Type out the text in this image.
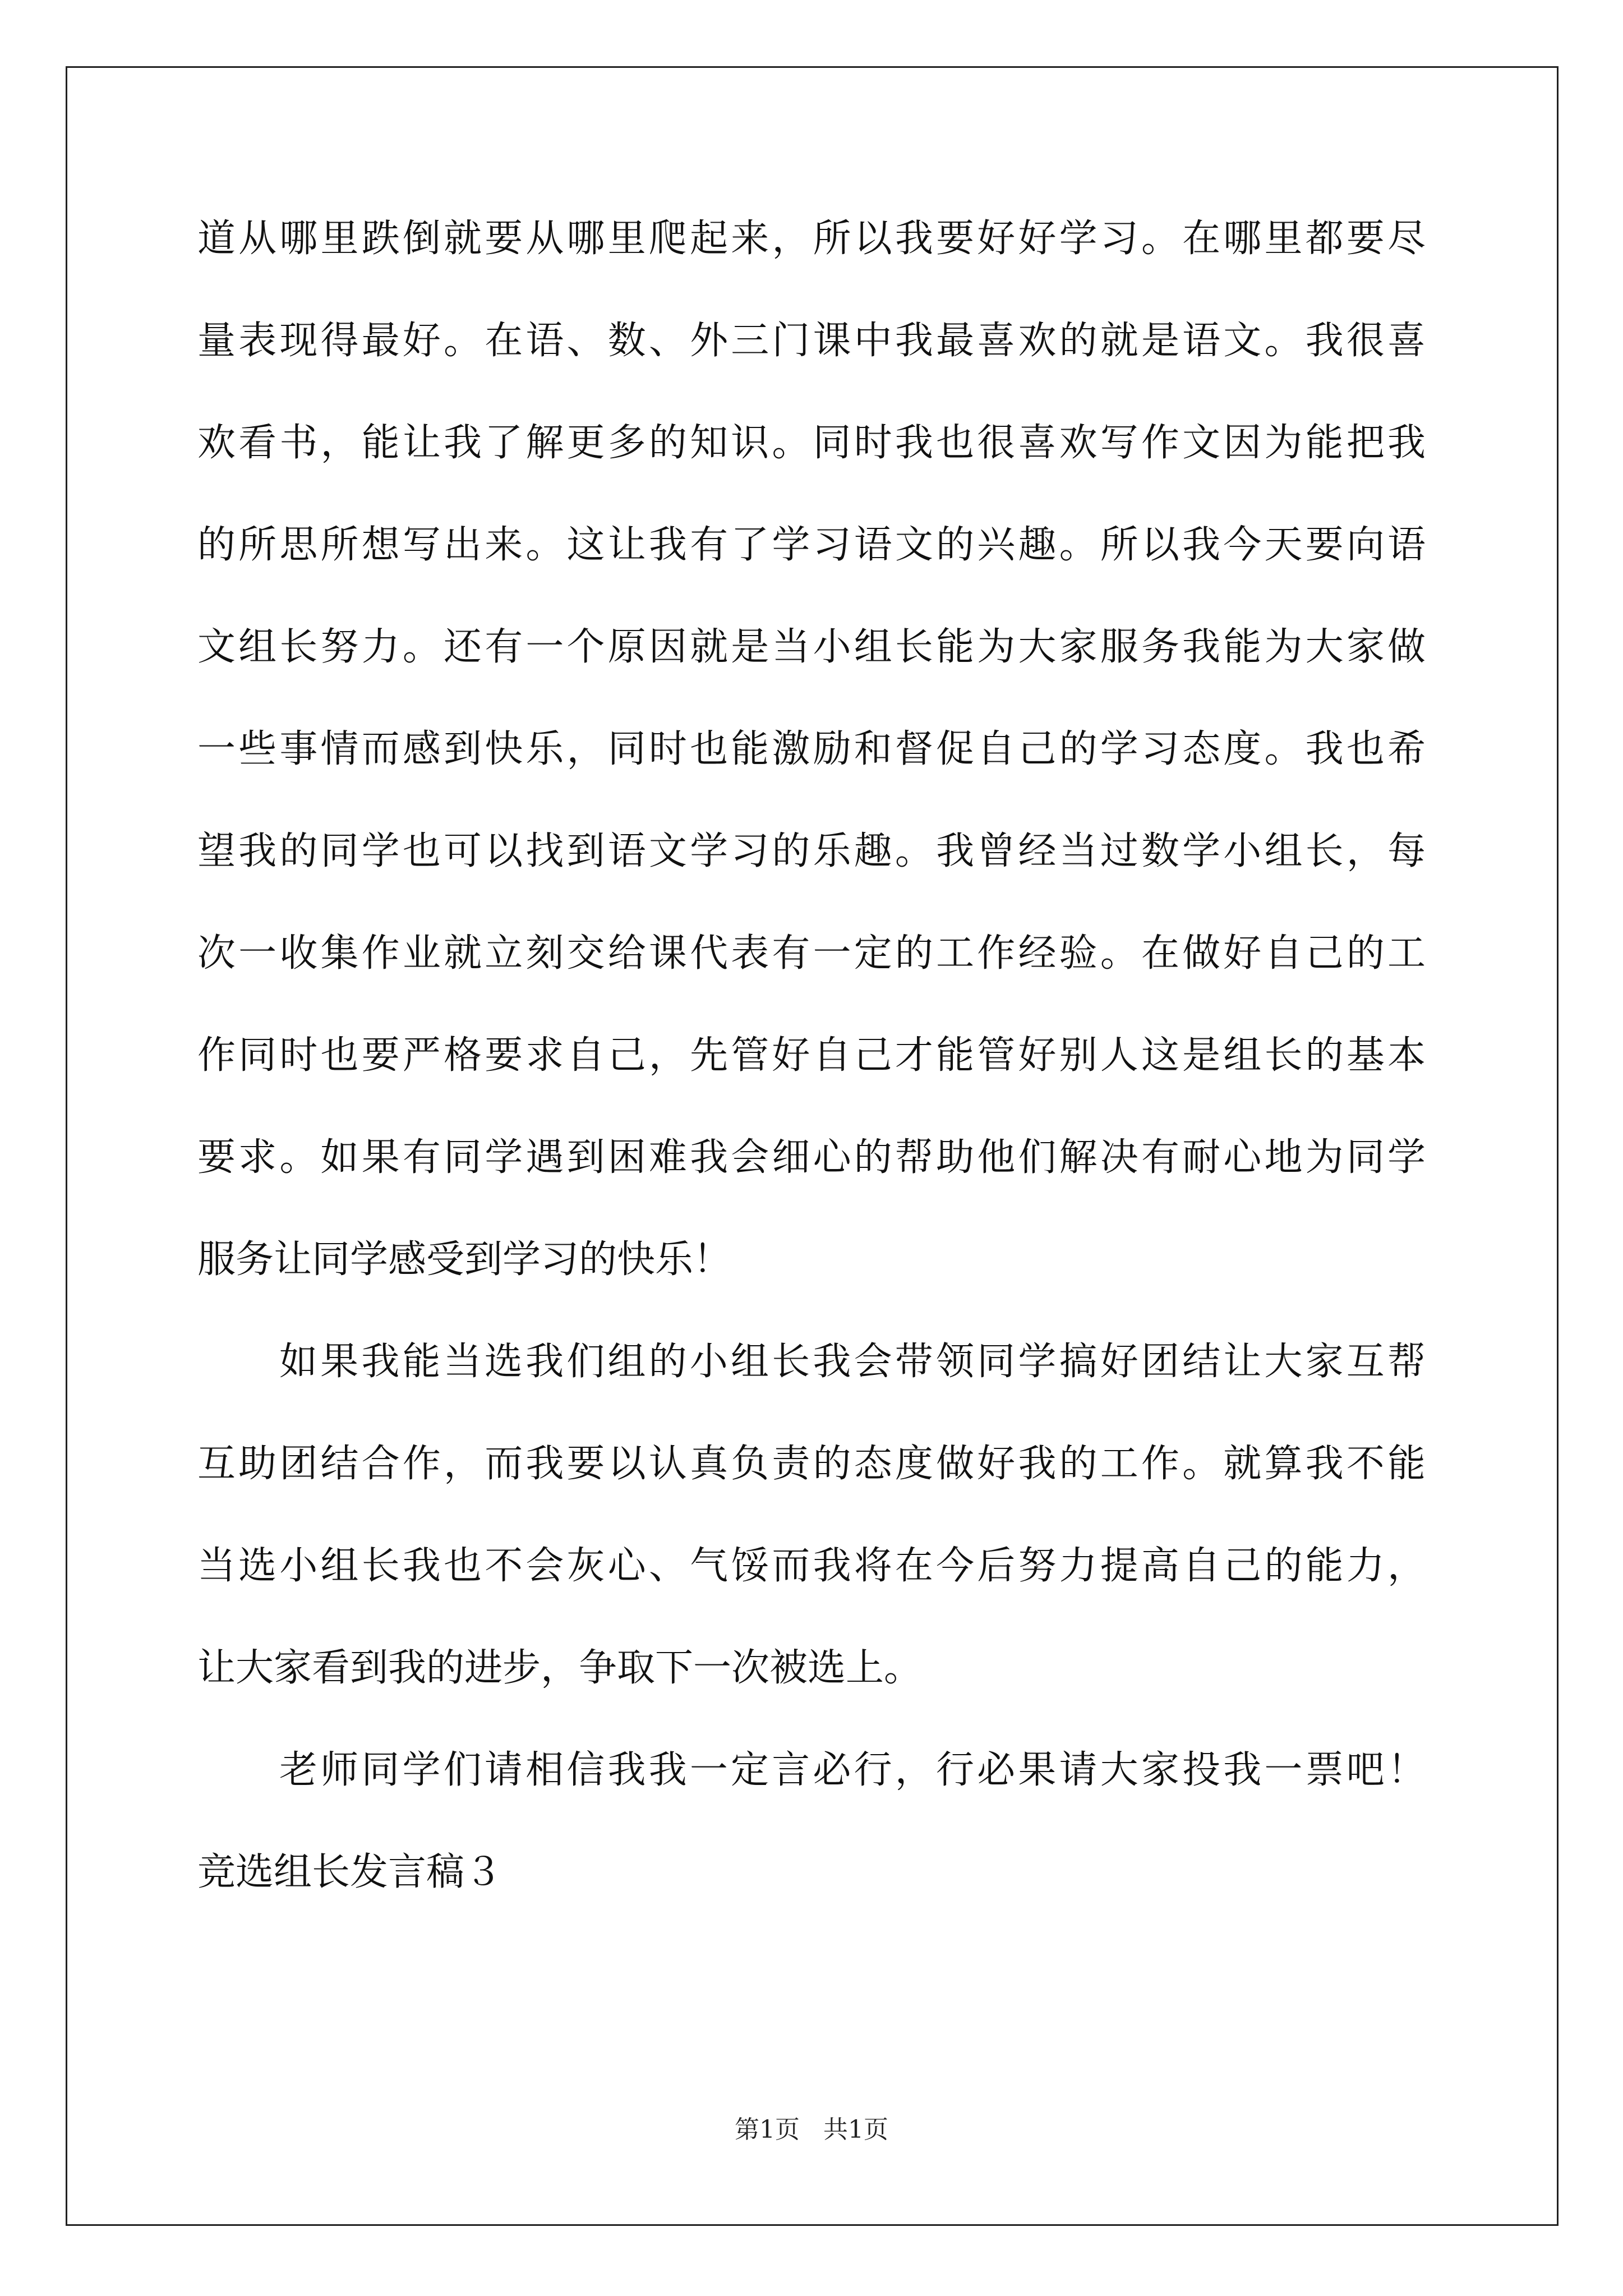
道从哪里跌倒就要从哪里爬起来，所以我要好好学习。在哪里都要尽
量表现得最好。在语、数、外三门课中我最喜欢的就是语文。我很喜
欢看书，能让我了解更多的知识。同时我也很喜欢写作文因为能把我
的所思所想写出来。这让我有了学习语文的兴趣。所以我今天要向语
文组长努力。还有一个原因就是当小组长能为大家服务我能为大家做
一些事情而感到快乐，同时也能激励和督促自己的学习态度。我也希
望我的同学也可以找到语文学习的乐趣。我曾经当过数学小组长，每
次一收集作业就立刻交给课代表有一定的工作经验。在做好自己的工
作同时也要严格要求自己，先管好自己才能管好别人这是组长的基本
要求。如果有同学遇到困难我会细心的帮助他们解决有耐心地为同学
服务让同学感受到学习的快乐！
如果我能当选我们组的小组长我会带领同学搞好团结让大家互帮
互助团结合作，而我要以认真负责的态度做好我的工作。就算我不能
当选小组长我也不会灰心、气馁而我将在今后努力提高自己的能力，
让大家看到我的进步，争取下一次被选上。
老师同学们请相信我我一定言必行，行必果请大家投我一票吧！
竞选组长发言稿３
第1页   共1页
